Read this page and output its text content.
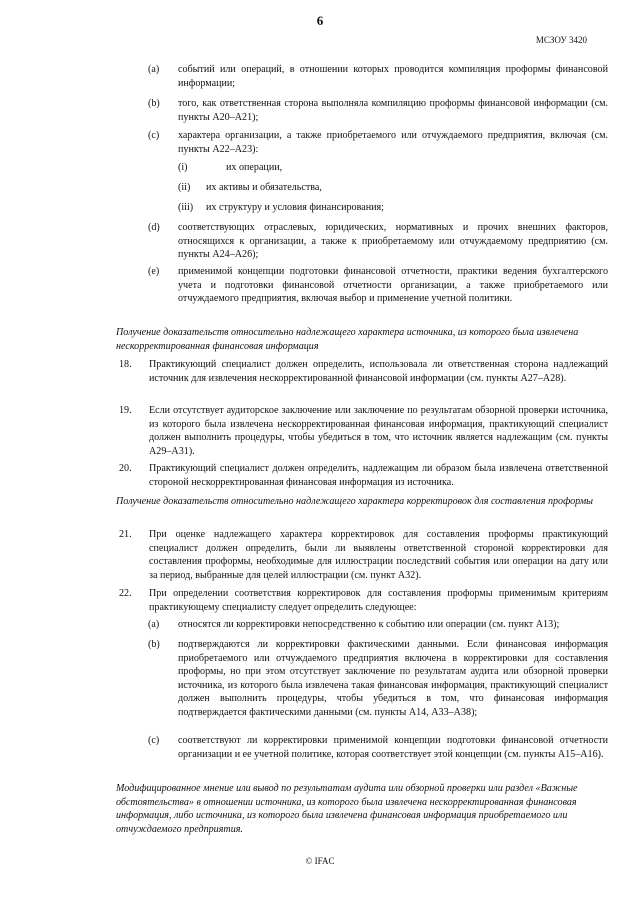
6
МСЗОУ 3420
(a) событий или операций, в отношении которых проводится компиляция проформы финансовой информации;
(b) того, как ответственная сторона выполняла компиляцию проформы финансовой информации (см. пункты А20–А21);
(c) характера организации, а также приобретаемого или отчуждаемого предприятия, включая (см. пункты А22–А23):
(i)	их операции,
(ii) их активы и обязательства,
(iii) их структуру и условия финансирования;
(d) соответствующих отраслевых, юридических, нормативных и прочих внешних факторов, относящихся к организации, а также к приобретаемому или отчуждаемому предприятию (см. пункты А24–А26);
(e) применимой концепции подготовки финансовой отчетности, практики ведения бухгалтерского учета и подготовки финансовой отчетности организации, а также приобретаемого или отчуждаемого предприятия, включая выбор и применение учетной политики.
Получение доказательств относительно надлежащего характера источника, из которого была извлечена нескорректированная финансовая информация
18. Практикующий специалист должен определить, использовала ли ответственная сторона надлежащий источник для извлечения нескорректированной финансовой информации (см. пункты А27–А28).
19. Если отсутствует аудиторское заключение или заключение по результатам обзорной проверки источника, из которого была извлечена нескорректированная финансовая информация, практикующий специалист должен выполнить процедуры, чтобы убедиться в том, что источник является надлежащим (см. пункты А29–А31).
20. Практикующий специалист должен определить, надлежащим ли образом была извлечена ответственной стороной нескорректированная финансовая информация из источника.
Получение доказательств относительно надлежащего характера корректировок для составления проформы
21. При оценке надлежащего характера корректировок для составления проформы практикующий специалист должен определить, были ли выявлены ответственной стороной корректировки для составления проформы, необходимые для иллюстрации последствий события или операции на дату или за период, выбранные для целей иллюстрации (см. пункт А32).
22. При определении соответствия корректировок для составления проформы применимым критериям практикующему специалисту следует определить следующее:
(a) относятся ли корректировки непосредственно к событию или операции (см. пункт А13);
(b) подтверждаются ли корректировки фактическими данными. Если финансовая информация приобретаемого или отчуждаемого предприятия включена в корректировки для составления проформы, но при этом отсутствует заключение по результатам аудита или обзорной проверки источника, из которого была извлечена такая финансовая информация, практикующий специалист должен выполнить процедуры, чтобы убедиться в том, что финансовая информация подтверждается фактическими данными (см. пункты А14, А33–А38);
(c) соответствуют ли корректировки применимой концепции подготовки финансовой отчетности организации и ее учетной политике, которая соответствует этой концепции (см. пункты А15–А16).
Модифицированное мнение или вывод по результатам аудита или обзорной проверки или раздел «Важные обстоятельства» в отношении источника, из которого была извлечена нескорректированная финансовая информация, либо источника, из которого была извлечена финансовая информация приобретаемого или отчуждаемого предприятия.
© IFAC
